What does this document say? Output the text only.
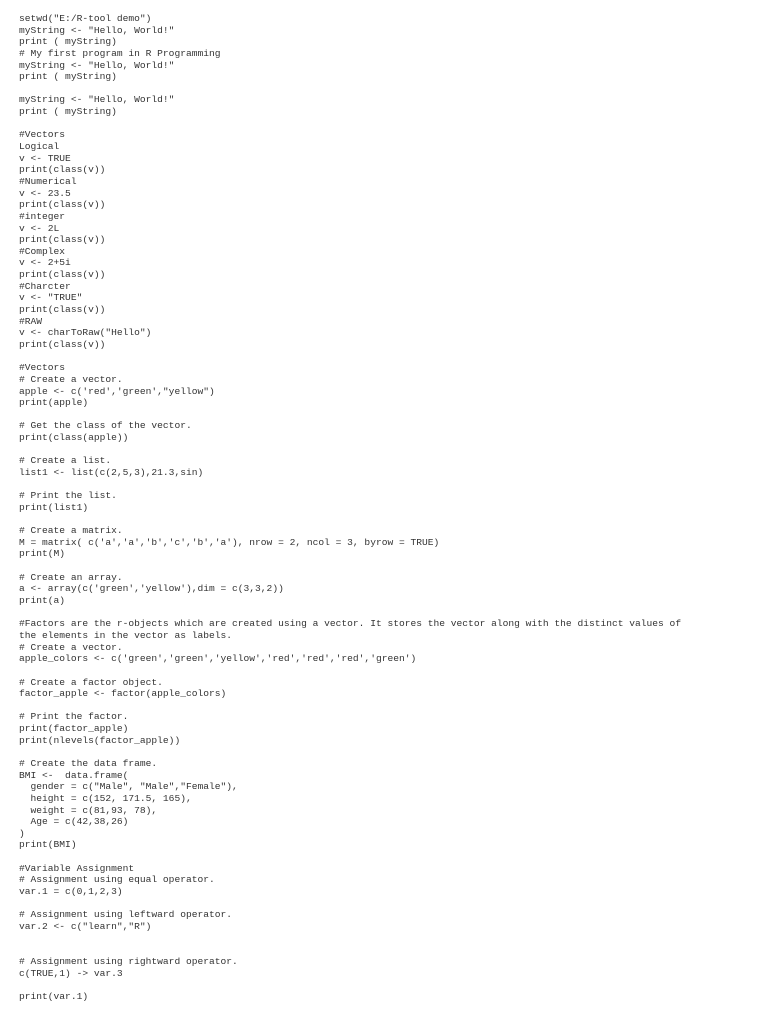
setwd("E:/R-tool demo")
myString <- "Hello, World!"
print ( myString)
# My first program in R Programming
myString <- "Hello, World!"
print ( myString)
myString <- "Hello, World!"
print ( myString)
#Vectors
Logical
v <- TRUE
print(class(v))
#Numerical
v <- 23.5
print(class(v))
#integer
v <- 2L
print(class(v))
#Complex
v <- 2+5i
print(class(v))
#Charcter
v <- "TRUE"
print(class(v))
#RAW
v <- charToRaw("Hello")
print(class(v))
#Vectors
# Create a vector.
apple <- c('red','green',"yellow")
print(apple)
# Get the class of the vector.
print(class(apple))
# Create a list.
list1 <- list(c(2,5,3),21.3,sin)
# Print the list.
print(list1)
# Create a matrix.
M = matrix( c('a','a','b','c','b','a'), nrow = 2, ncol = 3, byrow = TRUE)
print(M)
# Create an array.
a <- array(c('green','yellow'),dim = c(3,3,2))
print(a)
#Factors are the r-objects which are created using a vector. It stores the vector along with the distinct values of
the elements in the vector as labels.
# Create a vector.
apple_colors <- c('green','green','yellow','red','red','red','green')
# Create a factor object.
factor_apple <- factor(apple_colors)
# Print the factor.
print(factor_apple)
print(nlevels(factor_apple))
# Create the data frame.
BMI <-  data.frame(
gender = c("Male", "Male","Female"),
height = c(152, 171.5, 165),
weight = c(81,93, 78),
Age = c(42,38,26)
)
print(BMI)
#Variable Assignment
# Assignment using equal operator.
var.1 = c(0,1,2,3)
# Assignment using leftward operator.
var.2 <- c("learn","R")
# Assignment using rightward operator.
c(TRUE,1) -> var.3
print(var.1)
